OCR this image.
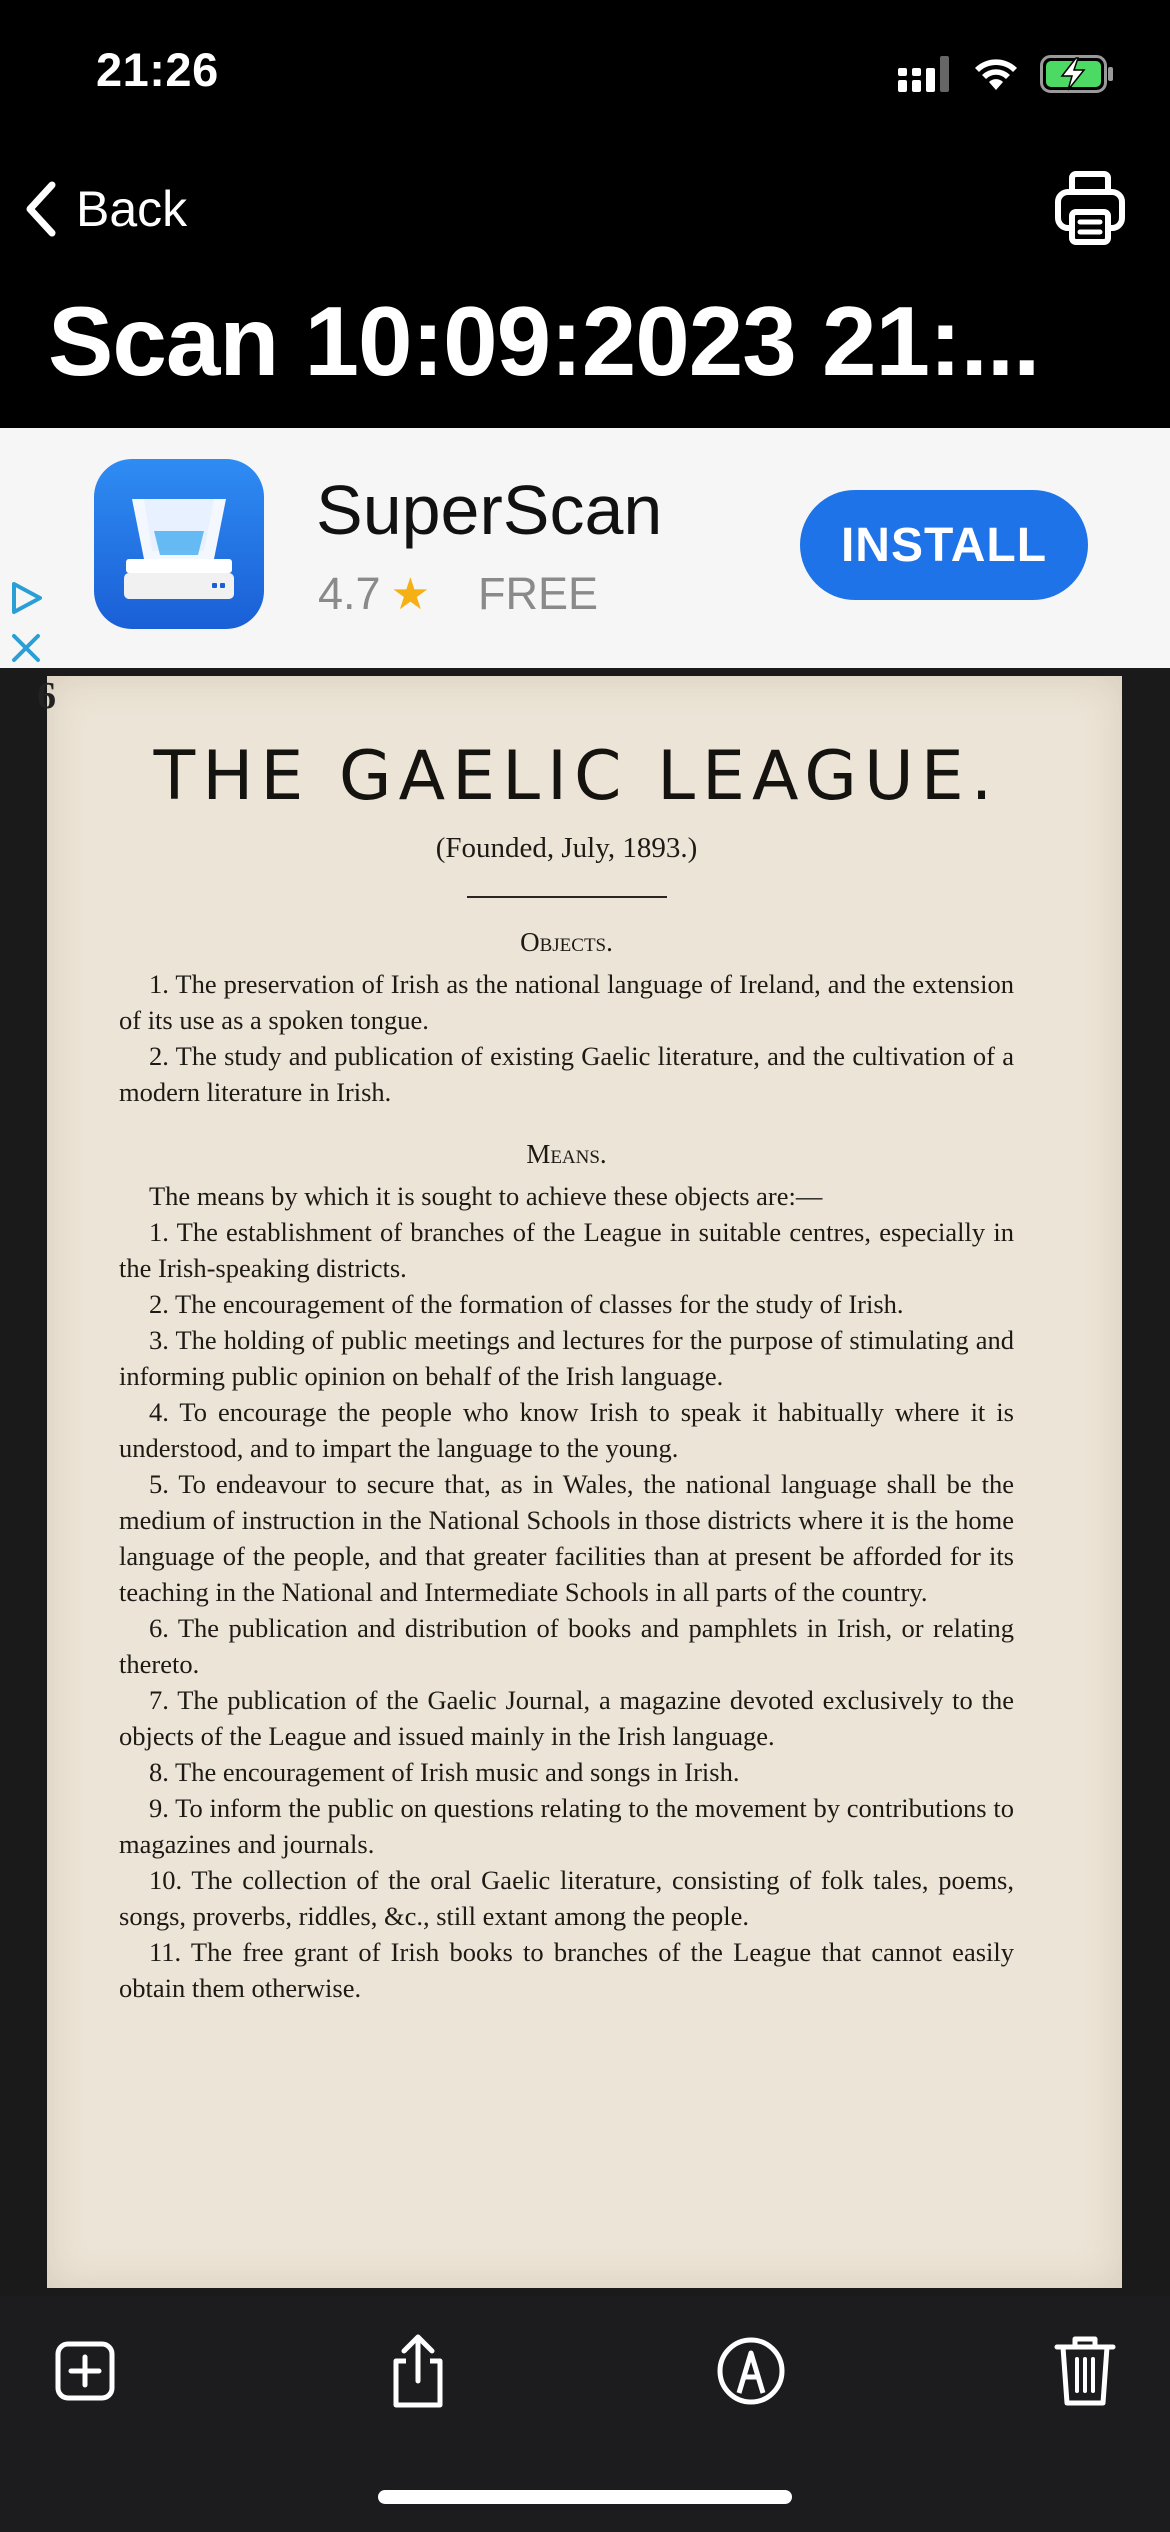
21:26
Back
Scan 10:09:2023 21:...
SuperScan
4.7 ★ FREE
INSTALL
6
THE GAELIC LEAGUE.
(Founded, July, 1893.)
Objects.

1. The preservation of Irish as the national language of Ireland, and the extension of its use as a spoken tongue.

2. The study and publication of existing Gaelic literature, and the cultivation of a modern literature in Irish.

Means.

The means by which it is sought to achieve these objects are:—

1. The establishment of branches of the League in suitable centres, especially in the Irish-speaking districts.

2. The encouragement of the formation of classes for the study of Irish.

3. The holding of public meetings and lectures for the purpose of stimulating and informing public opinion on behalf of the Irish language.

4. To encourage the people who know Irish to speak it habitually where it is understood, and to impart the language to the young.

5. To endeavour to secure that, as in Wales, the national language shall be the medium of instruction in the National Schools in those districts where it is the home language of the people, and that greater facilities than at present be afforded for its teaching in the National and Intermediate Schools in all parts of the country.

6. The publication and distribution of books and pamphlets in Irish, or relating thereto.

7. The publication of the Gaelic Journal, a magazine devoted exclusively to the objects of the League and issued mainly in the Irish language.

8. The encouragement of Irish music and songs in Irish.

9. To inform the public on questions relating to the movement by contributions to magazines and journals.

10. The collection of the oral Gaelic literature, consisting of folk tales, poems, songs, proverbs, riddles, &c., still extant among the people.

11. The free grant of Irish books to branches of the League that cannot easily obtain them otherwise.
